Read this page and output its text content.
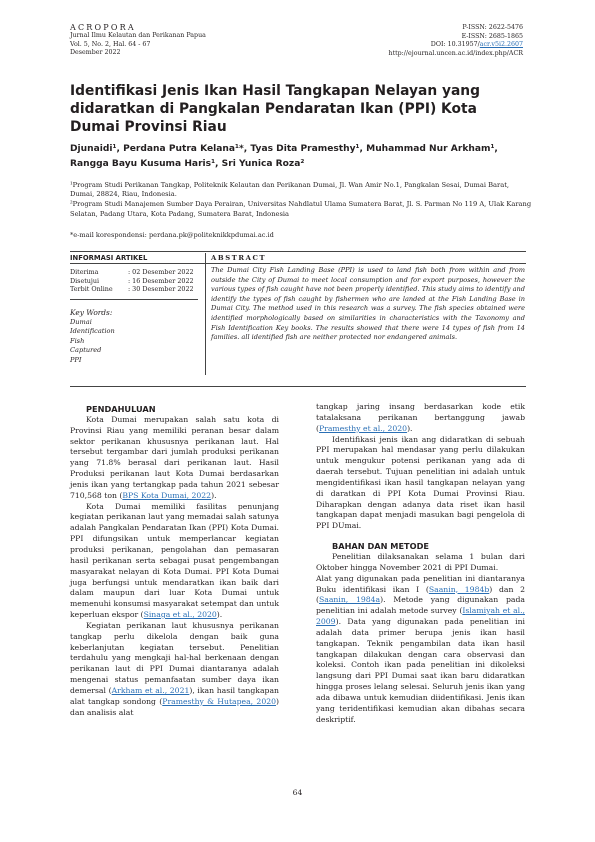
ACROPORA
Jurnal Ilmu Kelautan dan Perikanan Papua
Vol. 5, No. 2, Hal. 64 - 67
Desember 2022
P-ISSN: 2622-5476
E-ISSN: 2685-1865
DOI: 10.31957/acr.v5i2.2607
http://ejournal.uncen.ac.id/index.php/ACR
Identifikasi Jenis Ikan Hasil Tangkapan Nelayan yang didaratkan di Pangkalan Pendaratan Ikan (PPI) Kota Dumai Provinsi Riau
Djunaidi¹, Perdana Putra Kelana¹*, Tyas Dita Pramesthy¹, Muhammad Nur Arkham¹,
Rangga Bayu Kusuma Haris¹, Sri Yunica Roza²

¹Program Studi Perikanan Tangkap, Politeknik Kelautan dan Perikanan Dumai, Jl. Wan Amir No.1, Pangkalan Sesai, Dumai Barat, Dumai, 28824, Riau, Indonesia.

²Program Studi Manajemen Sumber Daya Perairan, Universitas Nahdlatul Ulama Sumatera Barat, Jl. S. Parman No 119 A, Ulak Karang Selatan, Padang Utara, Kota Padang, Sumatera Barat, Indonesia

*e-mail korespondensi: perdana.pk@politeknikkpdumai.ac.id
INFORMASI ARTIKEL	ABSTRACT
Diterima	: 02 Desember 2022
Disetujui	: 16 Desember 2022
Terbit Online	: 30 Desember 2022
Key Words:
Dumai
Identification
Fish
Captured
PPI
The Dumai City Fish Landing Base (PPI) is used to land fish both from within and from outside the City of Dumai to meet local consumption and for export purposes, however the various types of fish caught have not been properly identified. This study aims to identify and identify the types of fish caught by fishermen who are landed at the Fish Landing Base in Dumai City. The method used in this research was a survey. The fish species obtained were identified morphologically based on similarities in characteristics with the Taxonomy and Fish Identification Key books. The results showed that there were 14 types of fish from 14 families. all identified fish are neither protected nor endangered animals.

PENDAHULUAN

Kota Dumai merupakan salah satu kota di Provinsi Riau yang memiliki peranan besar dalam sektor perikanan khususnya perikanan laut. Hal tersebut tergambar dari jumlah produksi perikanan yang 71.8% berasal dari perikanan laut. Hasil Produksi perikanan laut Kota Dumai berdasarkan jenis ikan yang tertangkap pada tahun 2021 sebesar 710,568 ton (BPS Kota Dumai, 2022).

Kota Dumai memiliki fasilitas penunjang kegiatan perikanan laut yang memadai salah satunya adalah Pangkalan Pendaratan Ikan (PPI) Kota Dumai. PPI difungsikan untuk memperlancar kegiatan produksi perikanan, pengolahan dan pemasaran hasil perikanan serta sebagai pusat pengembangan masyarakat nelayan di Kota Dumai. PPI Kota Dumai juga berfungsi untuk mendaratkan ikan baik dari dalam maupun dari luar Kota Dumai untuk memenuhi konsumsi masyarakat setempat dan untuk keperluan ekspor (Sinaga et al., 2020).

Kegiatan perikanan laut khususnya perikanan tangkap perlu dikelola dengan baik guna keberlanjutan kegiatan tersebut. Penelitian terdahulu yang mengkaji hal-hal berkenaan dengan perikanan laut di PPI Dumai diantaranya adalah mengenai status pemanfaatan sumber daya ikan demersal (Arkham et al., 2021), ikan hasil tangkapan alat tangkap sondong (Pramesthy & Hutapea, 2020) dan analisis alat

tangkap jaring insang berdasarkan kode etik tatalaksana perikanan bertanggung jawab (Pramesthy et al., 2020).

Identifikasi jenis ikan ang didaratkan di sebuah PPI merupakan hal mendasar yang perlu dilakukan untuk mengukur potensi perikanan yang ada di daerah tersebut. Tujuan penelitian ini adalah untuk mengidentifikasi ikan hasil tangkapan nelayan yang di daratkan di PPI Kota Dumai Provinsi Riau. Diharapkan dengan adanya data riset ikan hasil tangkapan dapat menjadi masukan bagi pengelola di PPI DUmai.

BAHAN DAN METODE

Penelitian dilaksanakan selama 1 bulan dari Oktober hingga November 2021 di PPI Dumai.

Alat yang digunakan pada penelitian ini diantaranya Buku identifikasi ikan I (Saanin, 1984b) dan 2 (Saanin, 1984a). Metode yang digunakan pada penelitian ini adalah metode survey (Islamiyah et al., 2009). Data yang digunakan pada penelitian ini adalah data primer berupa jenis ikan hasil tangkapan. Teknik pengambilan data ikan hasil tangkapan dilakukan dengan cara observasi dan koleksi. Contoh ikan pada penelitian ini dikoleksi langsung dari PPI Dumai saat ikan baru didaratkan hingga proses lelang selesai. Seluruh jenis ikan yang ada dibawa untuk kemudian diidentifikasi. Jenis ikan yang teridentifikasi kemudian akan dibahas secara deskriptif.

64
